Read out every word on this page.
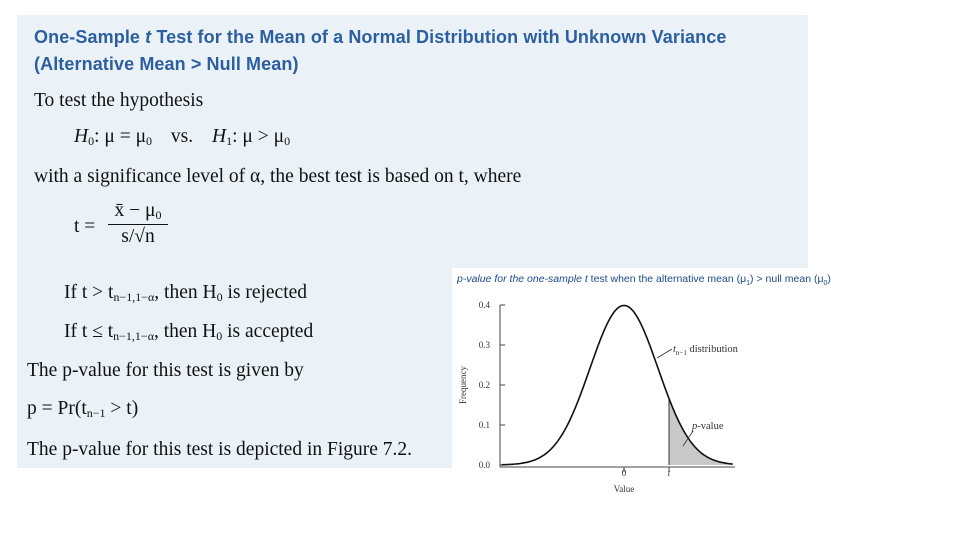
One-Sample t Test for the Mean of a Normal Distribution with Unknown Variance
(Alternative Mean > Null Mean)
To test the hypothesis
$H_0$: $\mu = \mu_0$ vs. $H_1$: $\mu > \mu_0$
with a significance level of α, the best test is based on t, where
$t = \frac{x̄ - \mu_0}{s/√n}$
If $t > t_{n-1,1-\alpha}$, then $H_0$ is rejected
If $t \le t_{n-1,1-\alpha}$, then $H_0$ is accepted
The p-value for this test is given by
$p = Pr(t_{n-1} > t)$
The p-value for this test is depicted in Figure 7.2.
p-value for the one-sample t test when the alternative mean $(\mu_1)$ > null mean $(\mu_0)$
0.0
0.1
0.2
0.3
0.4
0	t
Value
Frequency
$t_{n-1}$ distribution
p-value
